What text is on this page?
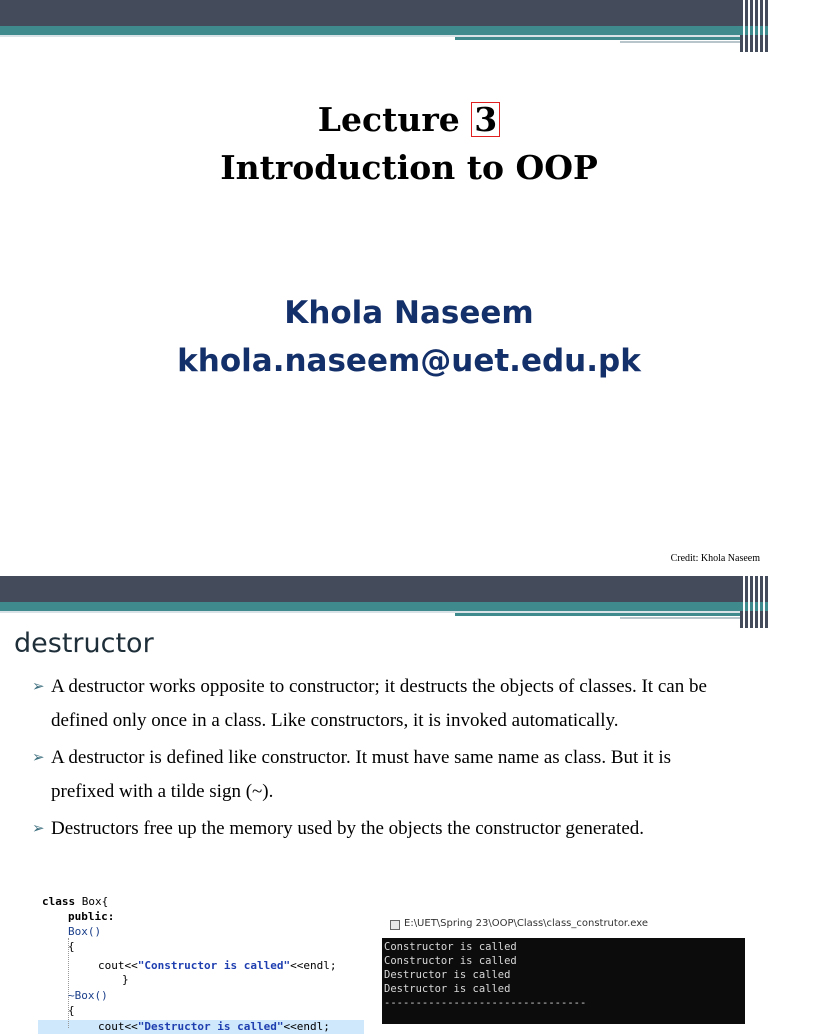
Lecture 3
Introduction to OOP
Khola Naseem
khola.naseem@uet.edu.pk
Credit: Khola Naseem
destructor
➢ A destructor works opposite to constructor; it destructs the objects of classes. It can be defined only once in a class. Like constructors, it is invoked automatically.
➢ A destructor is defined like constructor. It must have same name as class. But it is prefixed with a tilde sign (~).
➢ Destructors free up the memory used by the objects the constructor generated.
class Box{
public:
Box()
{
cout<<"Constructor is called"<<endl;
}
~Box()
{
cout<<"Destructor is called"<<endl;
E:\UET\Spring 23\OOP\Class\class_construtor.exe
Constructor is called
Constructor is called
Destructor is called
Destructor is called
--------------------------------
